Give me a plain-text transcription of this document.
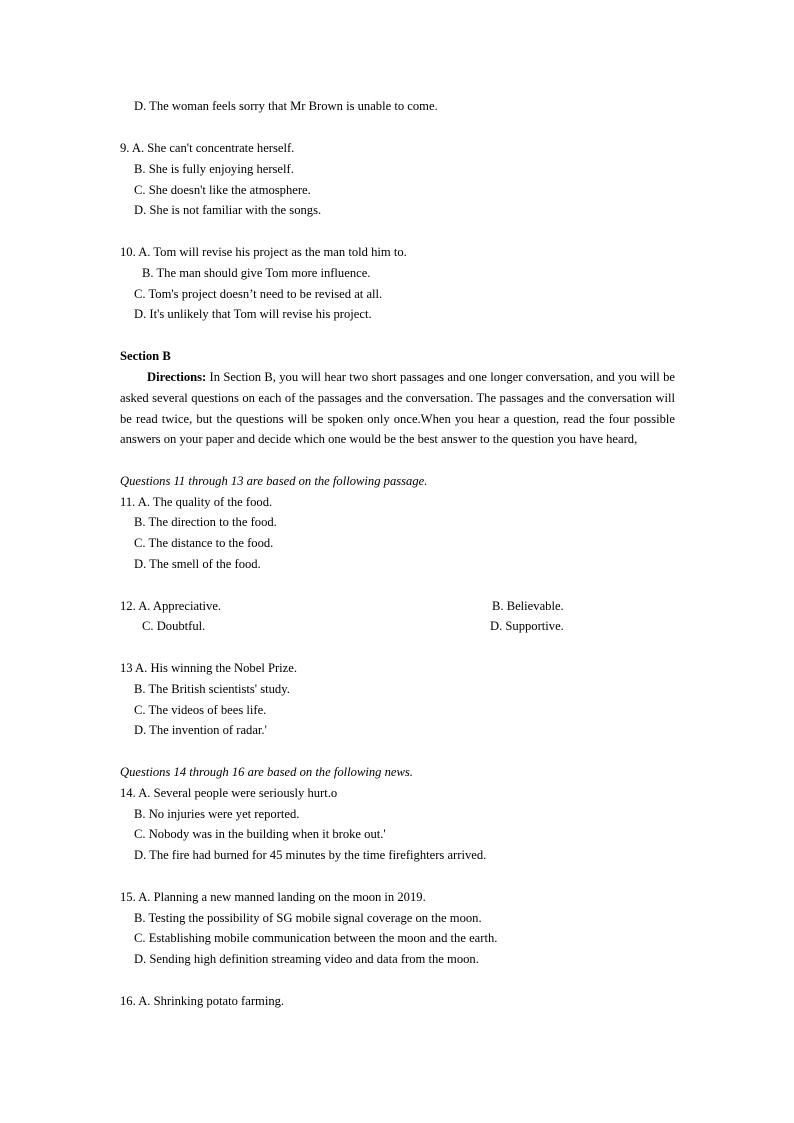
D. The woman feels sorry that Mr Brown is unable to come.
9. A. She can't concentrate herself.
B. She is fully enjoying herself.
C. She doesn't like the atmosphere.
D. She is not familiar with the songs.
10. A. Tom will revise his project as the man told him to.
B. The man should give Tom more influence.
C. Tom's project doesn’t need to be revised at all.
D. It's unlikely that Tom will revise his project.
Section B
Directions: In Section B, you will hear two short passages and one longer conversation, and you will be asked several questions on each of the passages and the conversation. The passages and the conversation will be read twice, but the questions will be spoken only once.When you hear a question, read the four possible answers on your paper and decide which one would be the best answer to the question you have heard,
Questions 11 through 13 are based on the following passage.
11. A. The quality of the food.
B. The direction to the food.
C. The distance to the food.
D. The smell of the food.
12. A. Appreciative.	B. Believable.
C. Doubtful.	D. Supportive.
13 A. His winning the Nobel Prize.
B. The British scientists' study.
C. The videos of bees life.
D. The invention of radar.'
Questions 14 through 16 are based on the following news.
14. A. Several people were seriously hurt.o
B. No injuries were yet reported.
C. Nobody was in the building when it broke out.'
D. The fire had burned for 45 minutes by the time firefighters arrived.
15. A. Planning a new manned landing on the moon in 2019.
B. Testing the possibility of SG mobile signal coverage on the moon.
C. Establishing mobile communication between the moon and the earth.
D. Sending high definition streaming video and data from the moon.
16. A. Shrinking potato farming.
